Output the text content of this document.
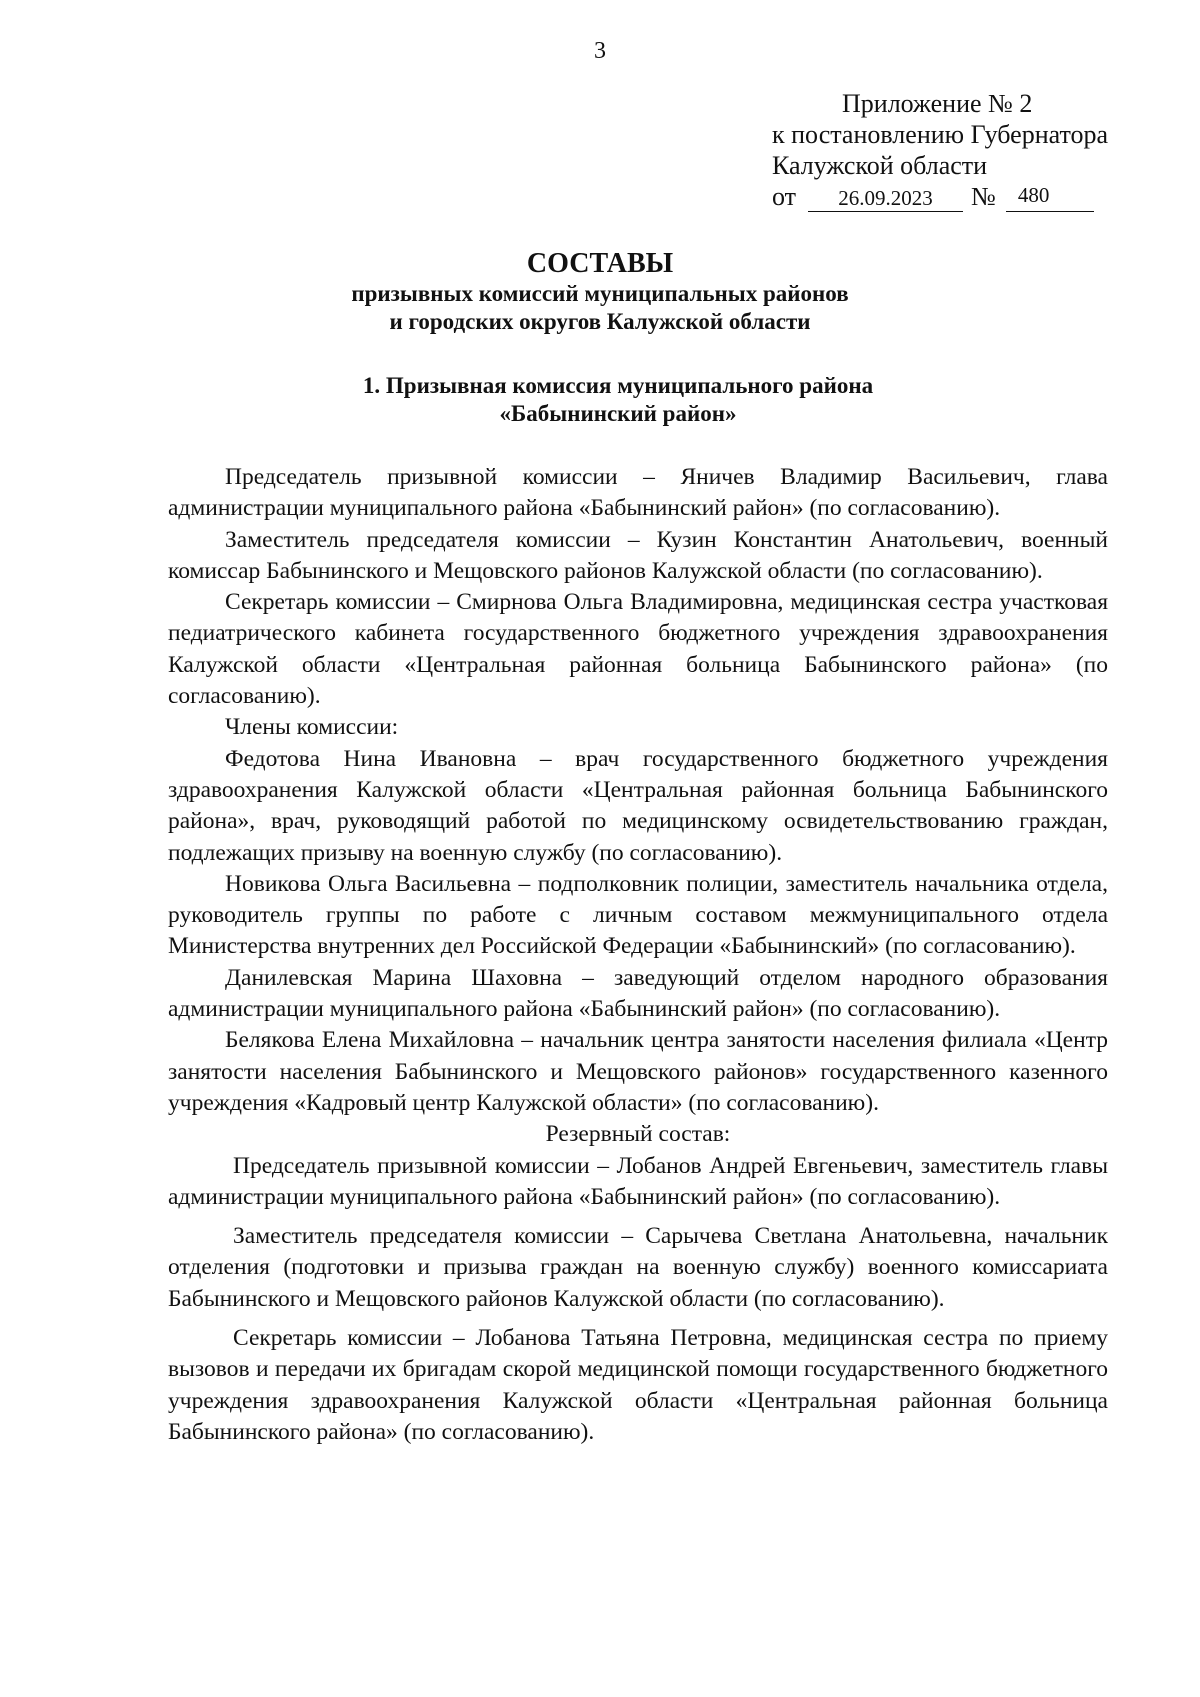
3
Приложение № 2
к постановлению Губернатора
Калужской области
от	26.09.2023	№	480
СОСТАВЫ
призывных комиссий муниципальных районов
и городских округов Калужской области
1. Призывная комиссия муниципального района
«Бабынинский район»

Председатель призывной комиссии – Яничев Владимир Васильевич, глава администрации муниципального района «Бабынинский район» (по согласованию).

Заместитель председателя комиссии – Кузин Константин Анатольевич, военный комиссар Бабынинского и Мещовского районов Калужской области (по согласованию).

Секретарь комиссии – Смирнова Ольга Владимировна, медицинская сестра участковая педиатрического кабинета государственного бюджетного учреждения здравоохранения Калужской области «Центральная районная больница Бабынинского района» (по согласованию).

Члены комиссии:

Федотова Нина Ивановна – врач государственного бюджетного учреждения здравоохранения Калужской области «Центральная районная больница Бабынинского района», врач, руководящий работой по медицинскому освидетельствованию граждан, подлежащих призыву на военную службу (по согласованию).

Новикова Ольга Васильевна – подполковник полиции, заместитель начальника отдела, руководитель группы по работе с личным составом межмуниципального отдела Министерства внутренних дел Российской Федерации «Бабынинский» (по согласованию).

Данилевская Марина Шаховна – заведующий отделом народного образования администрации муниципального района «Бабынинский район» (по согласованию).

Белякова Елена Михайловна – начальник центра занятости населения филиала «Центр занятости населения Бабынинского и Мещовского районов» государственного казенного учреждения «Кадровый центр Калужской области» (по согласованию).

Резервный состав:

Председатель призывной комиссии – Лобанов Андрей Евгеньевич, заместитель главы администрации муниципального района «Бабынинский район» (по согласованию).

Заместитель председателя комиссии – Сарычева Светлана Анатольевна, начальник отделения (подготовки и призыва граждан на военную службу) военного комиссариата Бабынинского и Мещовского районов Калужской области (по согласованию).

Секретарь комиссии – Лобанова Татьяна Петровна, медицинская сестра по приему вызовов и передачи их бригадам скорой медицинской помощи государственного бюджетного учреждения здравоохранения Калужской области «Центральная районная больница Бабынинского района» (по согласованию).
